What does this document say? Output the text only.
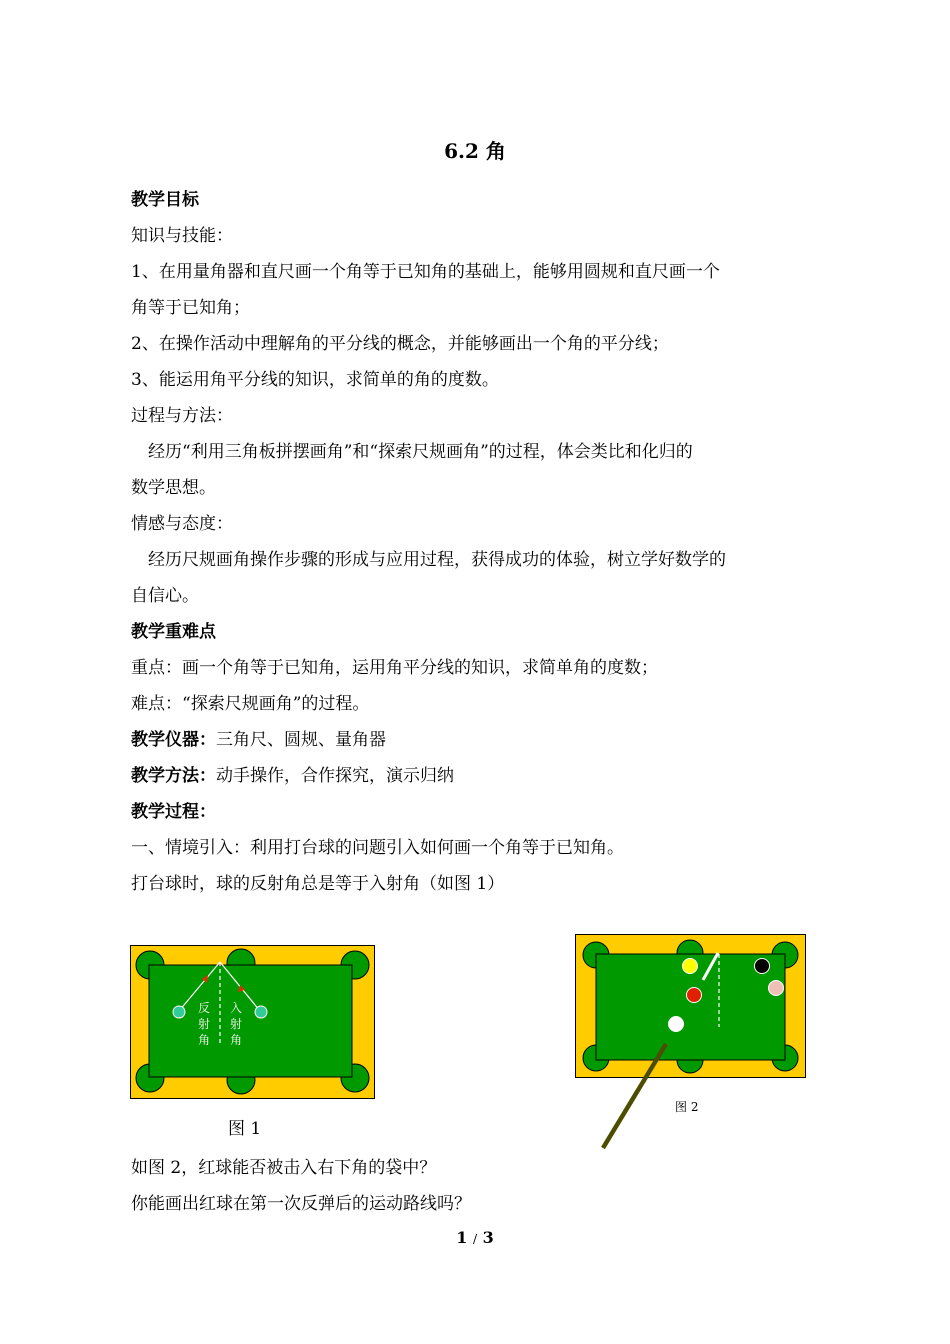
6.2 角
教学目标
知识与技能：
1、在用量角器和直尺画一个角等于已知角的基础上，能够用圆规和直尺画一个
角等于已知角；
2、在操作活动中理解角的平分线的概念，并能够画出一个角的平分线；
3、能运用角平分线的知识，求简单的角的度数。
过程与方法：
经历“利用三角板拼摆画角”和“探索尺规画角”的过程，体会类比和化归的
数学思想。
情感与态度：
经历尺规画角操作步骤的形成与应用过程，获得成功的体验，树立学好数学的
自信心。
教学重难点
重点：画一个角等于已知角，运用角平分线的知识，求简单角的度数；
难点：“探索尺规画角”的过程。
教学仪器：三角尺、圆规、量角器
教学方法：动手操作，合作探究，演示归纳
教学过程：
一、情境引入：利用打台球的问题引入如何画一个角等于已知角。
打台球时，球的反射角总是等于入射角（如图 1）
反
射
角
入
射
角
图 1
图 2
如图 2，红球能否被击入右下角的袋中？
你能画出红球在第一次反弹后的运动路线吗？
1 / 3
